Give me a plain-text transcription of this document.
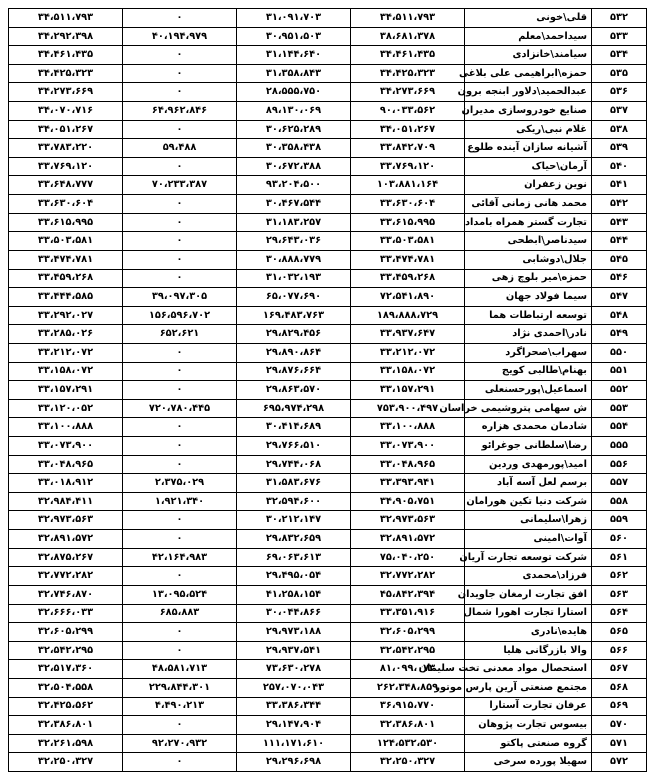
۵۳۲	قلی\خونی	۳۴،۵۱۱،۷۹۳	۳۱،۰۹۱،۷۰۳	۰	۳۴،۵۱۱،۷۹۳
۵۳۳	سیداحمد\معلم	۳۸،۶۸۱،۳۷۸	۳۰،۹۵۱،۵۰۳	۴۰،۱۹۴،۹۷۹	۳۴،۲۹۲،۳۹۸
۵۳۴	سیامند\خانزادی	۳۴،۴۶۱،۴۳۵	۳۱،۱۴۴،۶۴۰	۰	۳۴،۴۶۱،۴۳۵
۵۳۵	حمزه\ابراهیمی علی بلاغی	۳۴،۴۲۵،۳۲۳	۳۱،۳۵۸،۸۴۳	۰	۳۴،۴۲۵،۳۲۳
۵۳۶	عبدالحمید\دلاور ابنجه برون	۳۴،۲۷۳،۶۶۹	۲۸،۵۵۵،۷۵۰	۰	۳۴،۲۷۳،۶۶۹
۵۳۷	صنایع خودروسازی مدیران	۹۰،۰۳۳،۵۶۲	۸۹،۱۳۰،۰۶۹	۶۴،۹۶۲،۸۴۶	۳۴،۰۷۰،۷۱۶
۵۳۸	غلام نبی\ریکی	۳۴،۰۵۱،۲۶۷	۳۰،۶۲۵،۲۸۹	۰	۳۴،۰۵۱،۲۶۷
۵۳۹	آشیانه سازان آینده طلوع	۳۳،۸۴۲،۷۰۹	۳۰،۳۵۸،۴۳۸	۵۹،۴۸۸	۳۳،۷۸۳،۲۲۰
۵۴۰	آرمان\حیاک	۳۳،۷۶۹،۱۲۰	۳۰،۶۷۲،۳۸۸	۰	۳۳،۷۶۹،۱۲۰
۵۴۱	نوین زعفران	۱۰۳،۸۸۱،۱۶۴	۹۳،۲۰۴،۵۰۰	۷۰،۲۳۳،۳۸۷	۳۳،۶۴۸،۷۷۷
۵۴۲	محمد هانی زمانی آقائی	۳۳،۶۳۰،۶۰۴	۳۰،۴۶۷،۵۴۴	۰	۳۳،۶۳۰،۶۰۴
۵۴۳	تجارت گستر همراه بامداد	۳۳،۶۱۵،۹۹۵	۳۱،۱۸۳،۲۵۷	۰	۳۳،۶۱۵،۹۹۵
۵۴۴	سیدناصر\ابطحی	۳۳،۵۰۳،۵۸۱	۲۹،۶۴۳،۰۳۶	۰	۳۳،۵۰۳،۵۸۱
۵۴۵	جلال\دوشابی	۳۳،۴۷۴،۷۸۱	۳۰،۸۸۸،۷۷۹	۰	۳۳،۴۷۴،۷۸۱
۵۴۶	حمزه\میر بلوچ زهی	۳۳،۴۵۹،۲۶۸	۳۱،۰۳۲،۱۹۳	۰	۳۳،۴۵۹،۲۶۸
۵۴۷	سیما فولاد جهان	۷۲،۵۴۱،۸۹۰	۶۵،۰۷۷،۶۹۰	۳۹،۰۹۷،۳۰۵	۳۳،۴۴۴،۵۸۵
۵۴۸	توسعه ارتباطات هما	۱۸۹،۸۸۸،۷۲۹	۱۶۹،۴۸۳،۷۶۳	۱۵۶،۵۹۶،۷۰۲	۳۳،۲۹۲،۰۲۷
۵۴۹	نادر\احمدی نژاد	۳۳،۹۳۷،۶۴۷	۲۹،۸۲۹،۴۵۶	۶۵۲،۶۲۱	۳۳،۲۸۵،۰۲۶
۵۵۰	سهراب\صحراگرد	۳۳،۲۱۲،۰۷۲	۲۹،۸۹۰،۸۶۴	۰	۳۳،۲۱۲،۰۷۲
۵۵۱	بهنام\طالبی کویج	۳۳،۱۵۸،۰۷۲	۲۹،۸۷۶،۶۶۴	۰	۳۳،۱۵۸،۰۷۲
۵۵۲	اسماعیل\پورحسنعلی	۳۳،۱۵۷،۲۹۱	۲۹،۸۶۳،۵۷۰	۰	۳۳،۱۵۷،۲۹۱
۵۵۳	ش سهامی پتروشیمی خراسان	۷۵۳،۹۰۰،۴۹۷	۶۹۵،۹۷۴،۲۹۸	۷۲۰،۷۸۰،۴۴۵	۳۳،۱۲۰،۰۵۲
۵۵۴	شادمان محمدی هزاره	۳۳،۱۰۰،۸۸۸	۳۰،۴۱۴،۶۸۹	۰	۳۳،۱۰۰،۸۸۸
۵۵۵	رضا\سلطانی جوغرائو	۳۳،۰۷۳،۹۰۰	۲۹،۷۶۶،۵۱۰	۰	۳۳،۰۷۳،۹۰۰
۵۵۶	امید\پورمهدی وردین	۳۳،۰۴۸،۹۶۵	۲۹،۷۴۴،۰۶۸	۰	۳۳،۰۴۸،۹۶۵
۵۵۷	برسم لعل آسه آباد	۳۳،۳۹۳،۹۴۱	۳۱،۵۸۳،۶۷۶	۲،۳۷۵،۰۲۹	۳۳،۰۱۸،۹۱۲
۵۵۸	شرکت دنیا تکین هورامان	۳۴،۹۰۵،۷۵۱	۳۲،۵۹۴،۶۰۰	۱،۹۲۱،۳۴۰	۳۲،۹۸۴،۴۱۱
۵۵۹	زهرا\سلیمانی	۳۲،۹۷۳،۵۶۳	۳۰،۲۱۲،۱۴۷	۰	۳۲،۹۷۳،۵۶۳
۵۶۰	آوات\امینی	۳۲،۸۹۱،۵۷۲	۲۹،۸۳۲،۶۵۹	۰	۳۲،۸۹۱،۵۷۲
۵۶۱	شرکت توسعه تجارت آریان	۷۵،۰۴۰،۲۵۰	۶۹،۰۶۳،۶۱۳	۴۲،۱۶۴،۹۸۳	۳۲،۸۷۵،۲۶۷
۵۶۲	فرزاد\محمدی	۳۲،۷۷۲،۲۸۲	۲۹،۴۹۵،۰۵۴	۰	۳۲،۷۷۲،۲۸۲
۵۶۳	افق تجارت ارمغان جاویدان	۴۵،۸۴۲،۳۹۴	۴۱،۲۵۸،۱۵۴	۱۳،۰۹۵،۵۲۴	۳۲،۷۴۶،۸۷۰
۵۶۴	استارا تجارت اهورا شمال	۳۳،۳۵۱،۹۱۶	۳۰،۰۴۴،۸۶۶	۶۸۵،۸۸۳	۳۲،۶۶۶،۰۳۳
۵۶۵	هایده\نادری	۳۲،۶۰۵،۲۹۹	۲۹،۹۷۳،۱۸۸	۰	۳۲،۶۰۵،۲۹۹
۵۶۶	والا بازرگانی هلیا	۳۲،۵۴۲،۲۹۵	۲۹،۹۳۷،۵۴۱	۰	۳۲،۵۴۲،۲۹۵
۵۶۷	استحصال مواد معدنی تخت سلیمان	۸۱،۰۹۹،۰۷۳	۷۳،۶۳۰،۲۷۸	۴۸،۵۸۱،۷۱۳	۳۲،۵۱۷،۳۶۰
۵۶۸	مجتمع صنعتی آرین پارس موتور	۲۶۲،۳۴۸،۸۵۹	۲۵۷،۰۷۰،۰۴۳	۲۲۹،۸۴۴،۳۰۱	۳۲،۵۰۴،۵۵۸
۵۶۹	عرفان تجارت آستارا	۳۶،۹۱۵،۷۷۰	۳۳،۳۸۶،۳۴۴	۴،۴۹۰،۲۱۳	۳۲،۴۲۵،۵۶۲
۵۷۰	بیسوس تجارت پژوهان	۳۲،۳۸۶،۸۰۱	۲۹،۱۴۷،۹۰۴	۰	۳۲،۳۸۶،۸۰۱
۵۷۱	گروه صنعتی پاکتو	۱۲۴،۵۳۲،۵۳۰	۱۱۱،۱۷۱،۶۱۰	۹۲،۲۷۰،۹۳۲	۳۲،۲۶۱،۵۹۸
۵۷۲	سهیلا پورده سرخی	۳۲،۲۵۰،۳۲۷	۲۹،۲۹۶،۶۹۸	۰	۳۲،۲۵۰،۳۲۷
